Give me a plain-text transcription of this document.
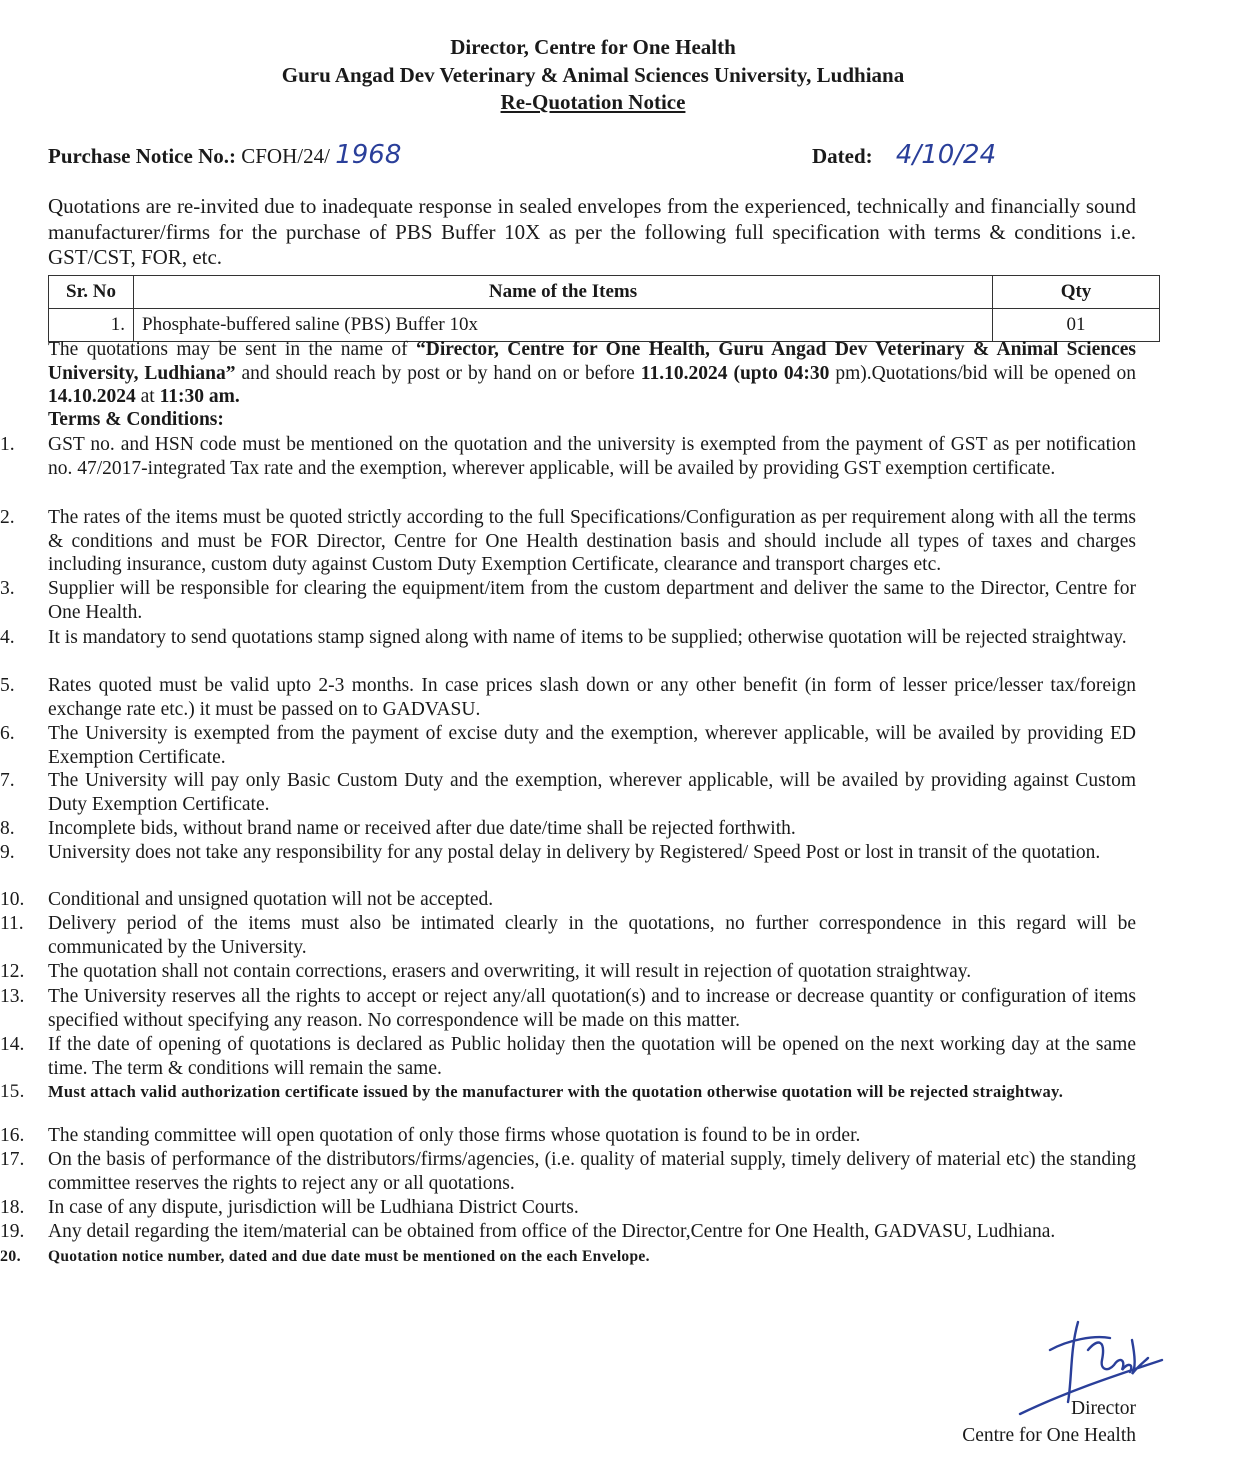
Director, Centre for One Health
Guru Angad Dev Veterinary & Animal Sciences University, Ludhiana
Re-Quotation Notice
Purchase Notice No.: CFOH/24/ 1968	Dated: 4/10/24
Quotations are re-invited due to inadequate response in sealed envelopes from the experienced, technically and financially sound manufacturer/firms for the purchase of PBS Buffer 10X as per the following full specification with terms & conditions i.e. GST/CST, FOR, etc.
Sr. No	Name of the Items	Qty
1.	Phosphate-buffered saline (PBS) Buffer 10x	01
The quotations may be sent in the name of “Director, Centre for One Health, Guru Angad Dev Veterinary & Animal Sciences University, Ludhiana” and should reach by post or by hand on or before 11.10.2024 (upto 04:30 pm).Quotations/bid will be opened on 14.10.2024 at 11:30 am.
Terms & Conditions:
1.	GST no. and HSN code must be mentioned on the quotation and the university is exempted from the payment of GST as per notification no. 47/2017-integrated Tax rate and the exemption, wherever applicable, will be availed by providing GST exemption certificate.
2.	The rates of the items must be quoted strictly according to the full Specifications/Configuration as per requirement along with all the terms & conditions and must be FOR Director, Centre for One Health destination basis and should include all types of taxes and charges including insurance, custom duty against Custom Duty Exemption Certificate, clearance and transport charges etc.
3.	Supplier will be responsible for clearing the equipment/item from the custom department and deliver the same to the Director, Centre for One Health.
4.	It is mandatory to send quotations stamp signed along with name of items to be supplied; otherwise quotation will be rejected straightway.
5.	Rates quoted must be valid upto 2-3 months. In case prices slash down or any other benefit (in form of lesser price/lesser tax/foreign exchange rate etc.) it must be passed on to GADVASU.
6.	The University is exempted from the payment of excise duty and the exemption, wherever applicable, will be availed by providing ED Exemption Certificate.
7.	The University will pay only Basic Custom Duty and the exemption, wherever applicable, will be availed by providing against Custom Duty Exemption Certificate.
8.	Incomplete bids, without brand name or received after due date/time shall be rejected forthwith.
9.	University does not take any responsibility for any postal delay in delivery by Registered/ Speed Post or lost in transit of the quotation.
10. Conditional and unsigned quotation will not be accepted.
11.	Delivery period of the items must also be intimated clearly in the quotations, no further correspondence in this regard will be communicated by the University.
12. The quotation shall not contain corrections, erasers and overwriting, it will result in rejection of quotation straightway.
13. The University reserves all the rights to accept or reject any/all quotation(s) and to increase or decrease quantity or configuration of items specified without specifying any reason. No correspondence will be made on this matter.
14. If the date of opening of quotations is declared as Public holiday then the quotation will be opened on the next working day at the same time. The term & conditions will remain the same.
15.	Must attach valid authorization certificate issued by the manufacturer with the quotation otherwise quotation will be rejected straightway.
16. The standing committee will open quotation of only those firms whose quotation is found to be in order.
17. On the basis of performance of the distributors/firms/agencies, (i.e. quality of material supply, timely delivery of material etc) the standing committee reserves the rights to reject any or all quotations.
18. In case of any dispute, jurisdiction will be Ludhiana District Courts.
19. Any detail regarding the item/material can be obtained from office of the Director,Centre for One Health, GADVASU, Ludhiana.
20.	Quotation notice number, dated and due date must be mentioned on the each Envelope.
Director
Centre for One Health
